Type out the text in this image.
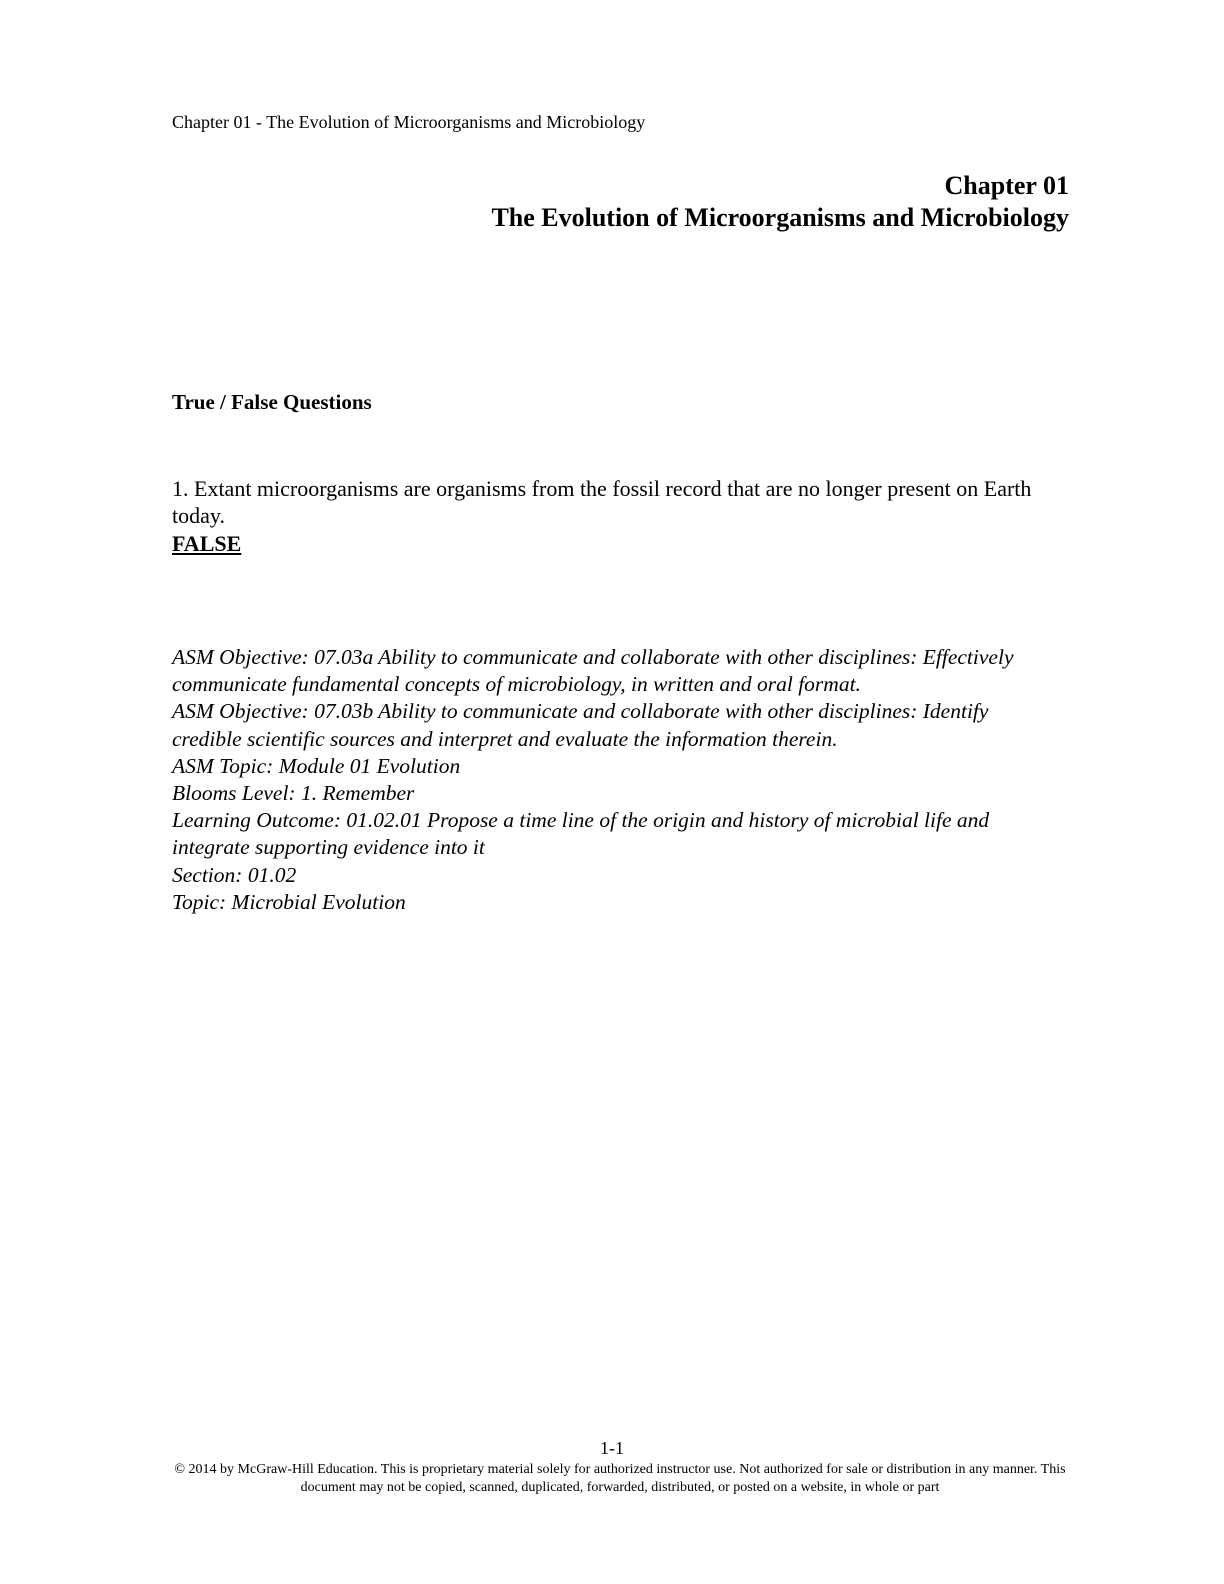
Chapter 01 - The Evolution of Microorganisms and Microbiology
Chapter 01
The Evolution of Microorganisms and Microbiology
True / False Questions
1. Extant microorganisms are organisms from the fossil record that are no longer present on Earth today.
FALSE
ASM Objective: 07.03a Ability to communicate and collaborate with other disciplines: Effectively communicate fundamental concepts of microbiology, in written and oral format.
ASM Objective: 07.03b Ability to communicate and collaborate with other disciplines: Identify credible scientific sources and interpret and evaluate the information therein.
ASM Topic: Module 01 Evolution
Blooms Level: 1. Remember
Learning Outcome: 01.02.01 Propose a time line of the origin and history of microbial life and integrate supporting evidence into it
Section: 01.02
Topic: Microbial Evolution
1-1
© 2014 by McGraw-Hill Education. This is proprietary material solely for authorized instructor use. Not authorized for sale or distribution in any manner. This document may not be copied, scanned, duplicated, forwarded, distributed, or posted on a website, in whole or part
